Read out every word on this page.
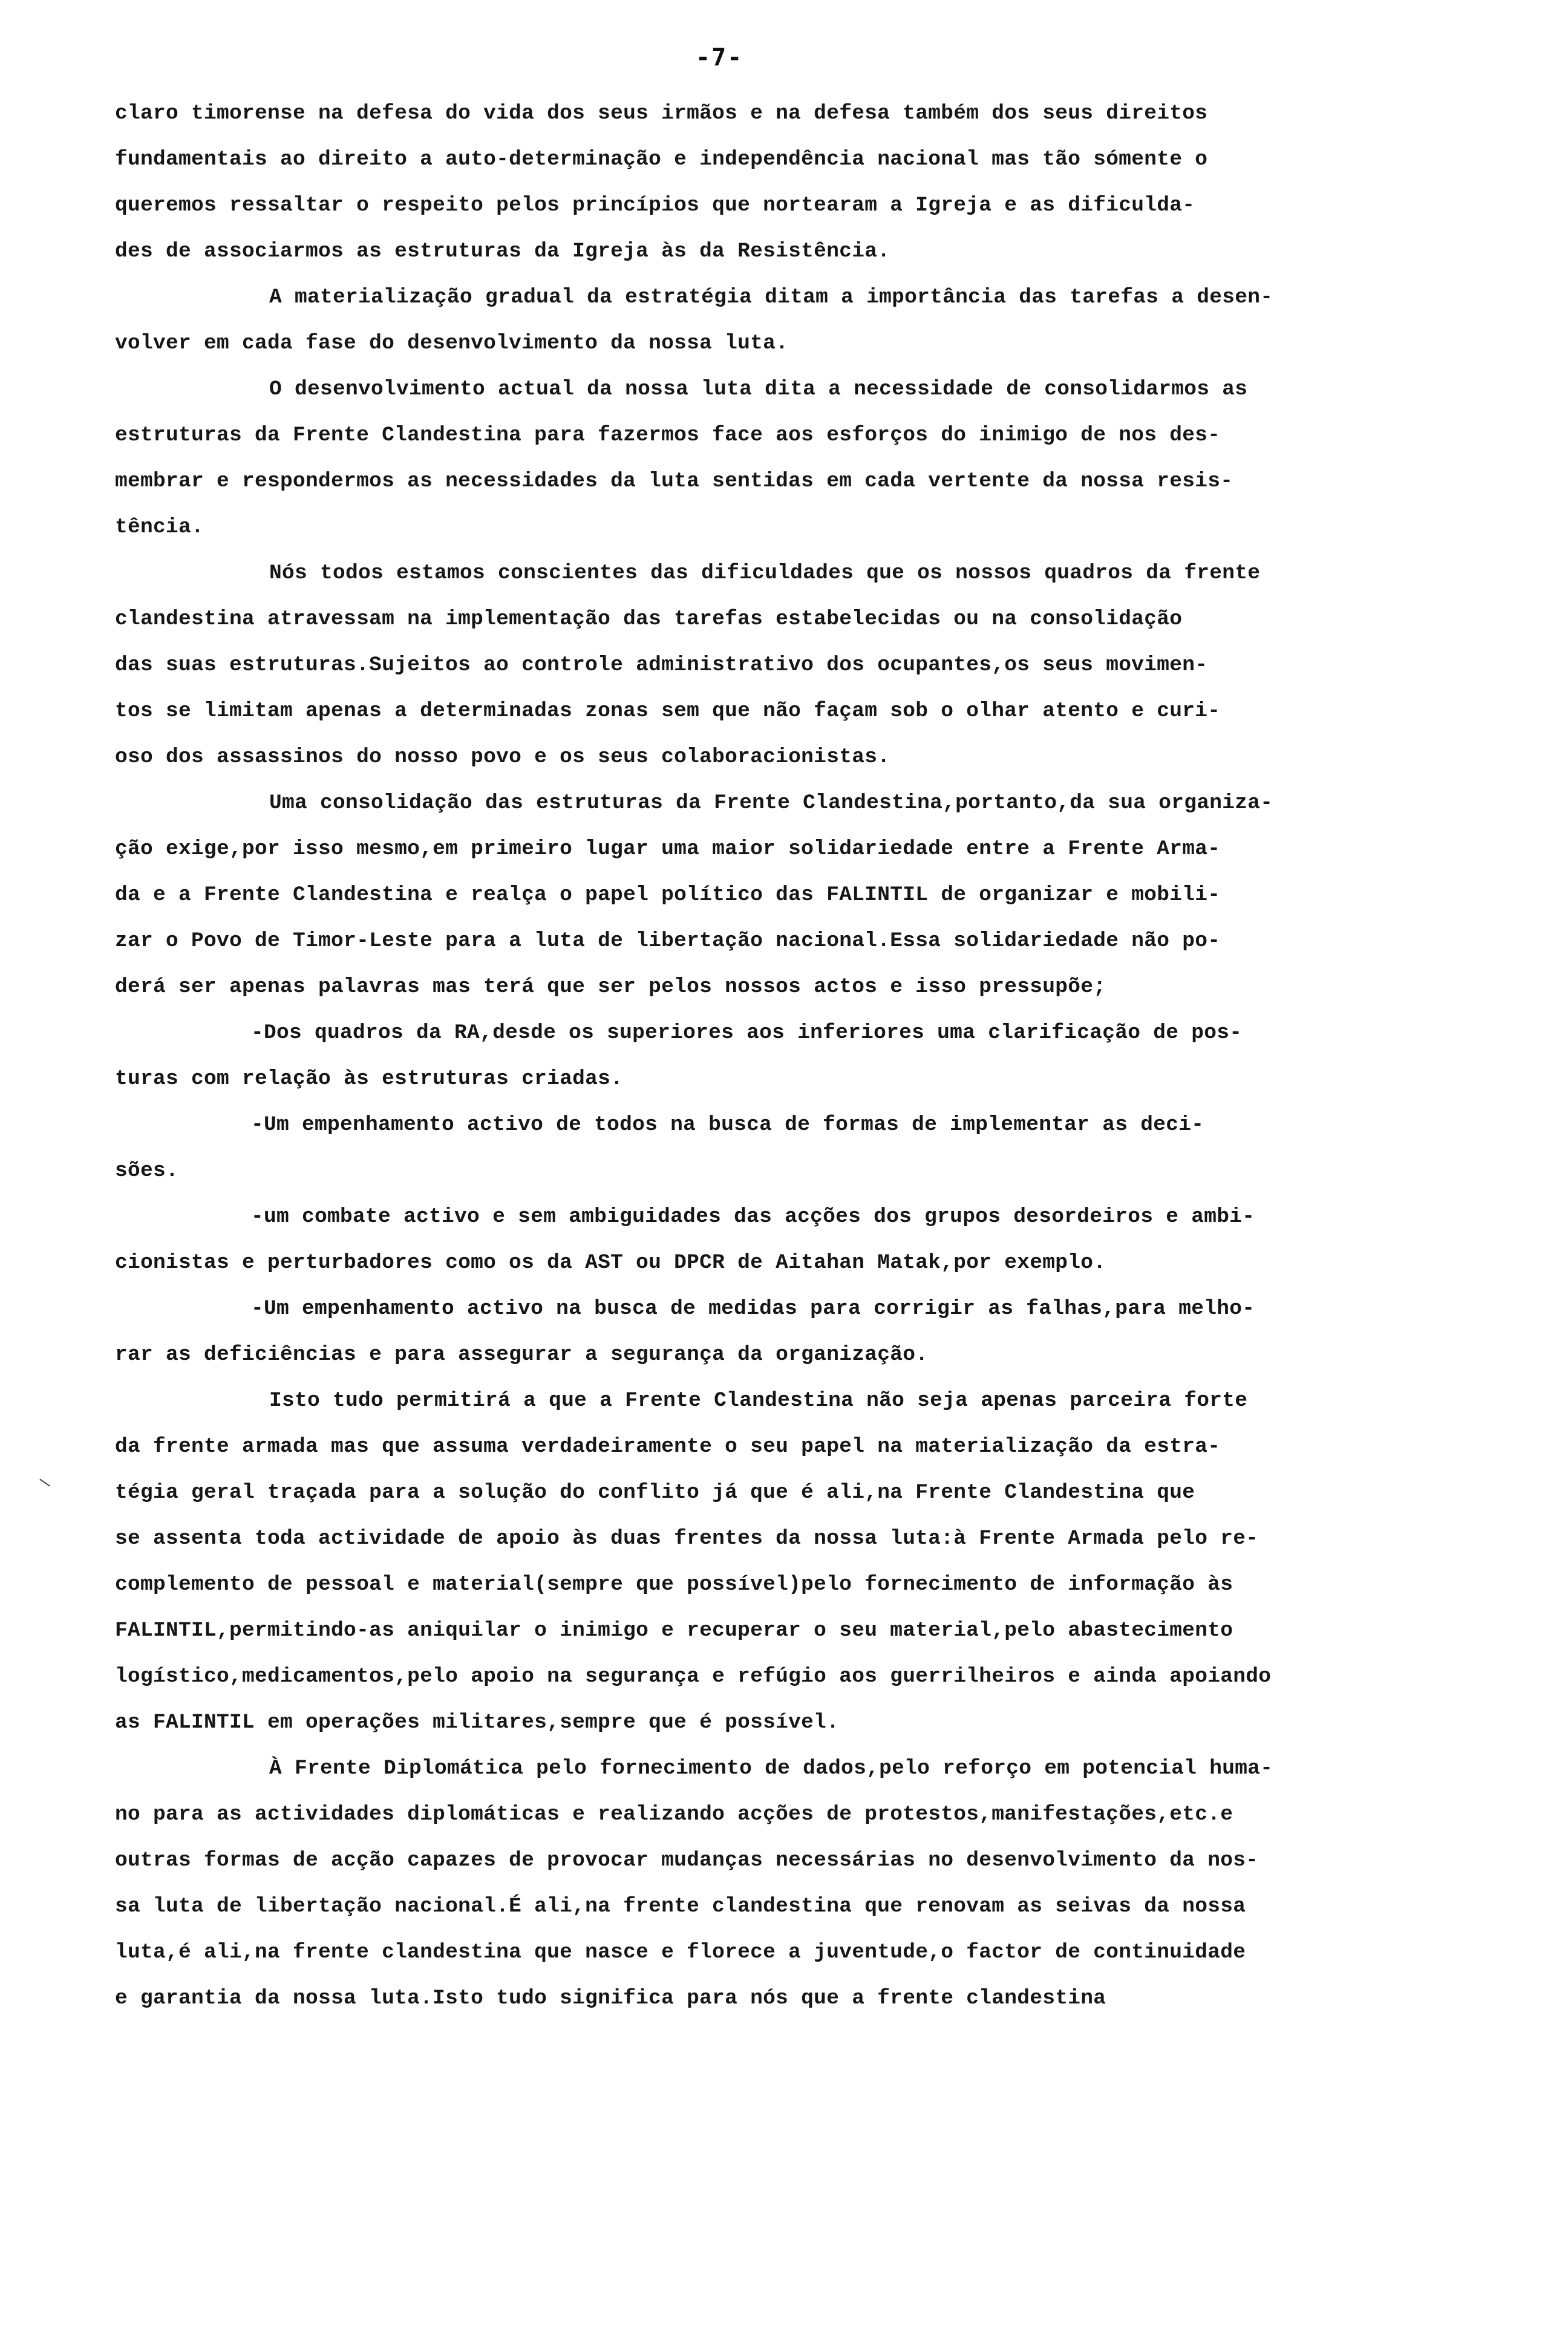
-7-
claro timorense na defesa do vida dos seus irmãos e na defesa também dos seus direitos
fundamentais ao direito a auto-determinação e independência nacional mas tão sómente o
queremos ressaltar o respeito pelos princípios que nortearam a Igreja e as dificulda-
des de associarmos as estruturas da Igreja às da Resistência.
A materialização gradual da estratégia ditam a importância das tarefas a desen-
volver em cada fase do desenvolvimento da nossa luta.
O desenvolvimento actual da nossa luta dita a necessidade de consolidarmos as
estruturas da Frente Clandestina para fazermos face aos esforços do inimigo de nos des-
membrar e respondermos as necessidades da luta sentidas em cada vertente da nossa resis-
tência.
Nós todos estamos conscientes das dificuldades que os nossos quadros da frente
clandestina atravessam na implementação das tarefas estabelecidas ou na consolidação
das suas estruturas.Sujeitos ao controle administrativo dos ocupantes,os seus movimen-
tos se limitam apenas a determinadas zonas sem que não façam sob o olhar atento e curi-
oso dos assassinos do nosso povo e os seus colaboracionistas.
Uma consolidação das estruturas da Frente Clandestina,portanto,da sua organiza-
ção exige,por isso mesmo,em primeiro lugar uma maior solidariedade entre a Frente Arma-
da e a Frente Clandestina e realça o papel político das FALINTIL de organizar e mobili-
zar o Povo de Timor-Leste para a luta de libertação nacional.Essa solidariedade não po-
derá ser apenas palavras mas terá que ser pelos nossos actos e isso pressupõe;
-Dos quadros da RA,desde os superiores aos inferiores uma clarificação de pos-
turas com relação às estruturas criadas.
-Um empenhamento activo de todos na busca de formas de implementar as deci-
sões.
-um combate activo e sem ambiguidades das acções dos grupos desordeiros e ambi-
cionistas e perturbadores como os da AST ou DPCR de Aitahan Matak,por exemplo.
-Um empenhamento activo na busca de medidas para corrigir as falhas,para melho-
rar as deficiências e para assegurar a segurança da organização.
Isto tudo permitirá a que a Frente Clandestina não seja apenas parceira forte
da frente armada mas que assuma verdadeiramente o seu papel na materialização da estra-
tégia geral traçada para a solução do conflito já que é ali,na Frente Clandestina que
se assenta toda actividade de apoio às duas frentes da nossa luta:à Frente Armada pelo re-
complemento de pessoal e material(sempre que possível)pelo fornecimento de informação às
FALINTIL,permitindo-as aniquilar o inimigo e recuperar o seu material,pelo abastecimento
logístico,medicamentos,pelo apoio na segurança e refúgio aos guerrilheiros e ainda apoiando
as FALINTIL em operações militares,sempre que é possível.
À Frente Diplomática pelo fornecimento de dados,pelo reforço em potencial huma-
no para as actividades diplomáticas e realizando acções de protestos,manifestações,etc.e
outras formas de acção capazes de provocar mudanças necessárias no desenvolvimento da nos-
sa luta de libertação nacional.É ali,na frente clandestina que renovam as seivas da nossa
luta,é ali,na frente clandestina que nasce e florece a juventude,o factor de continuidade
e garantia da nossa luta.Isto tudo significa para nós que a frente clandestina
